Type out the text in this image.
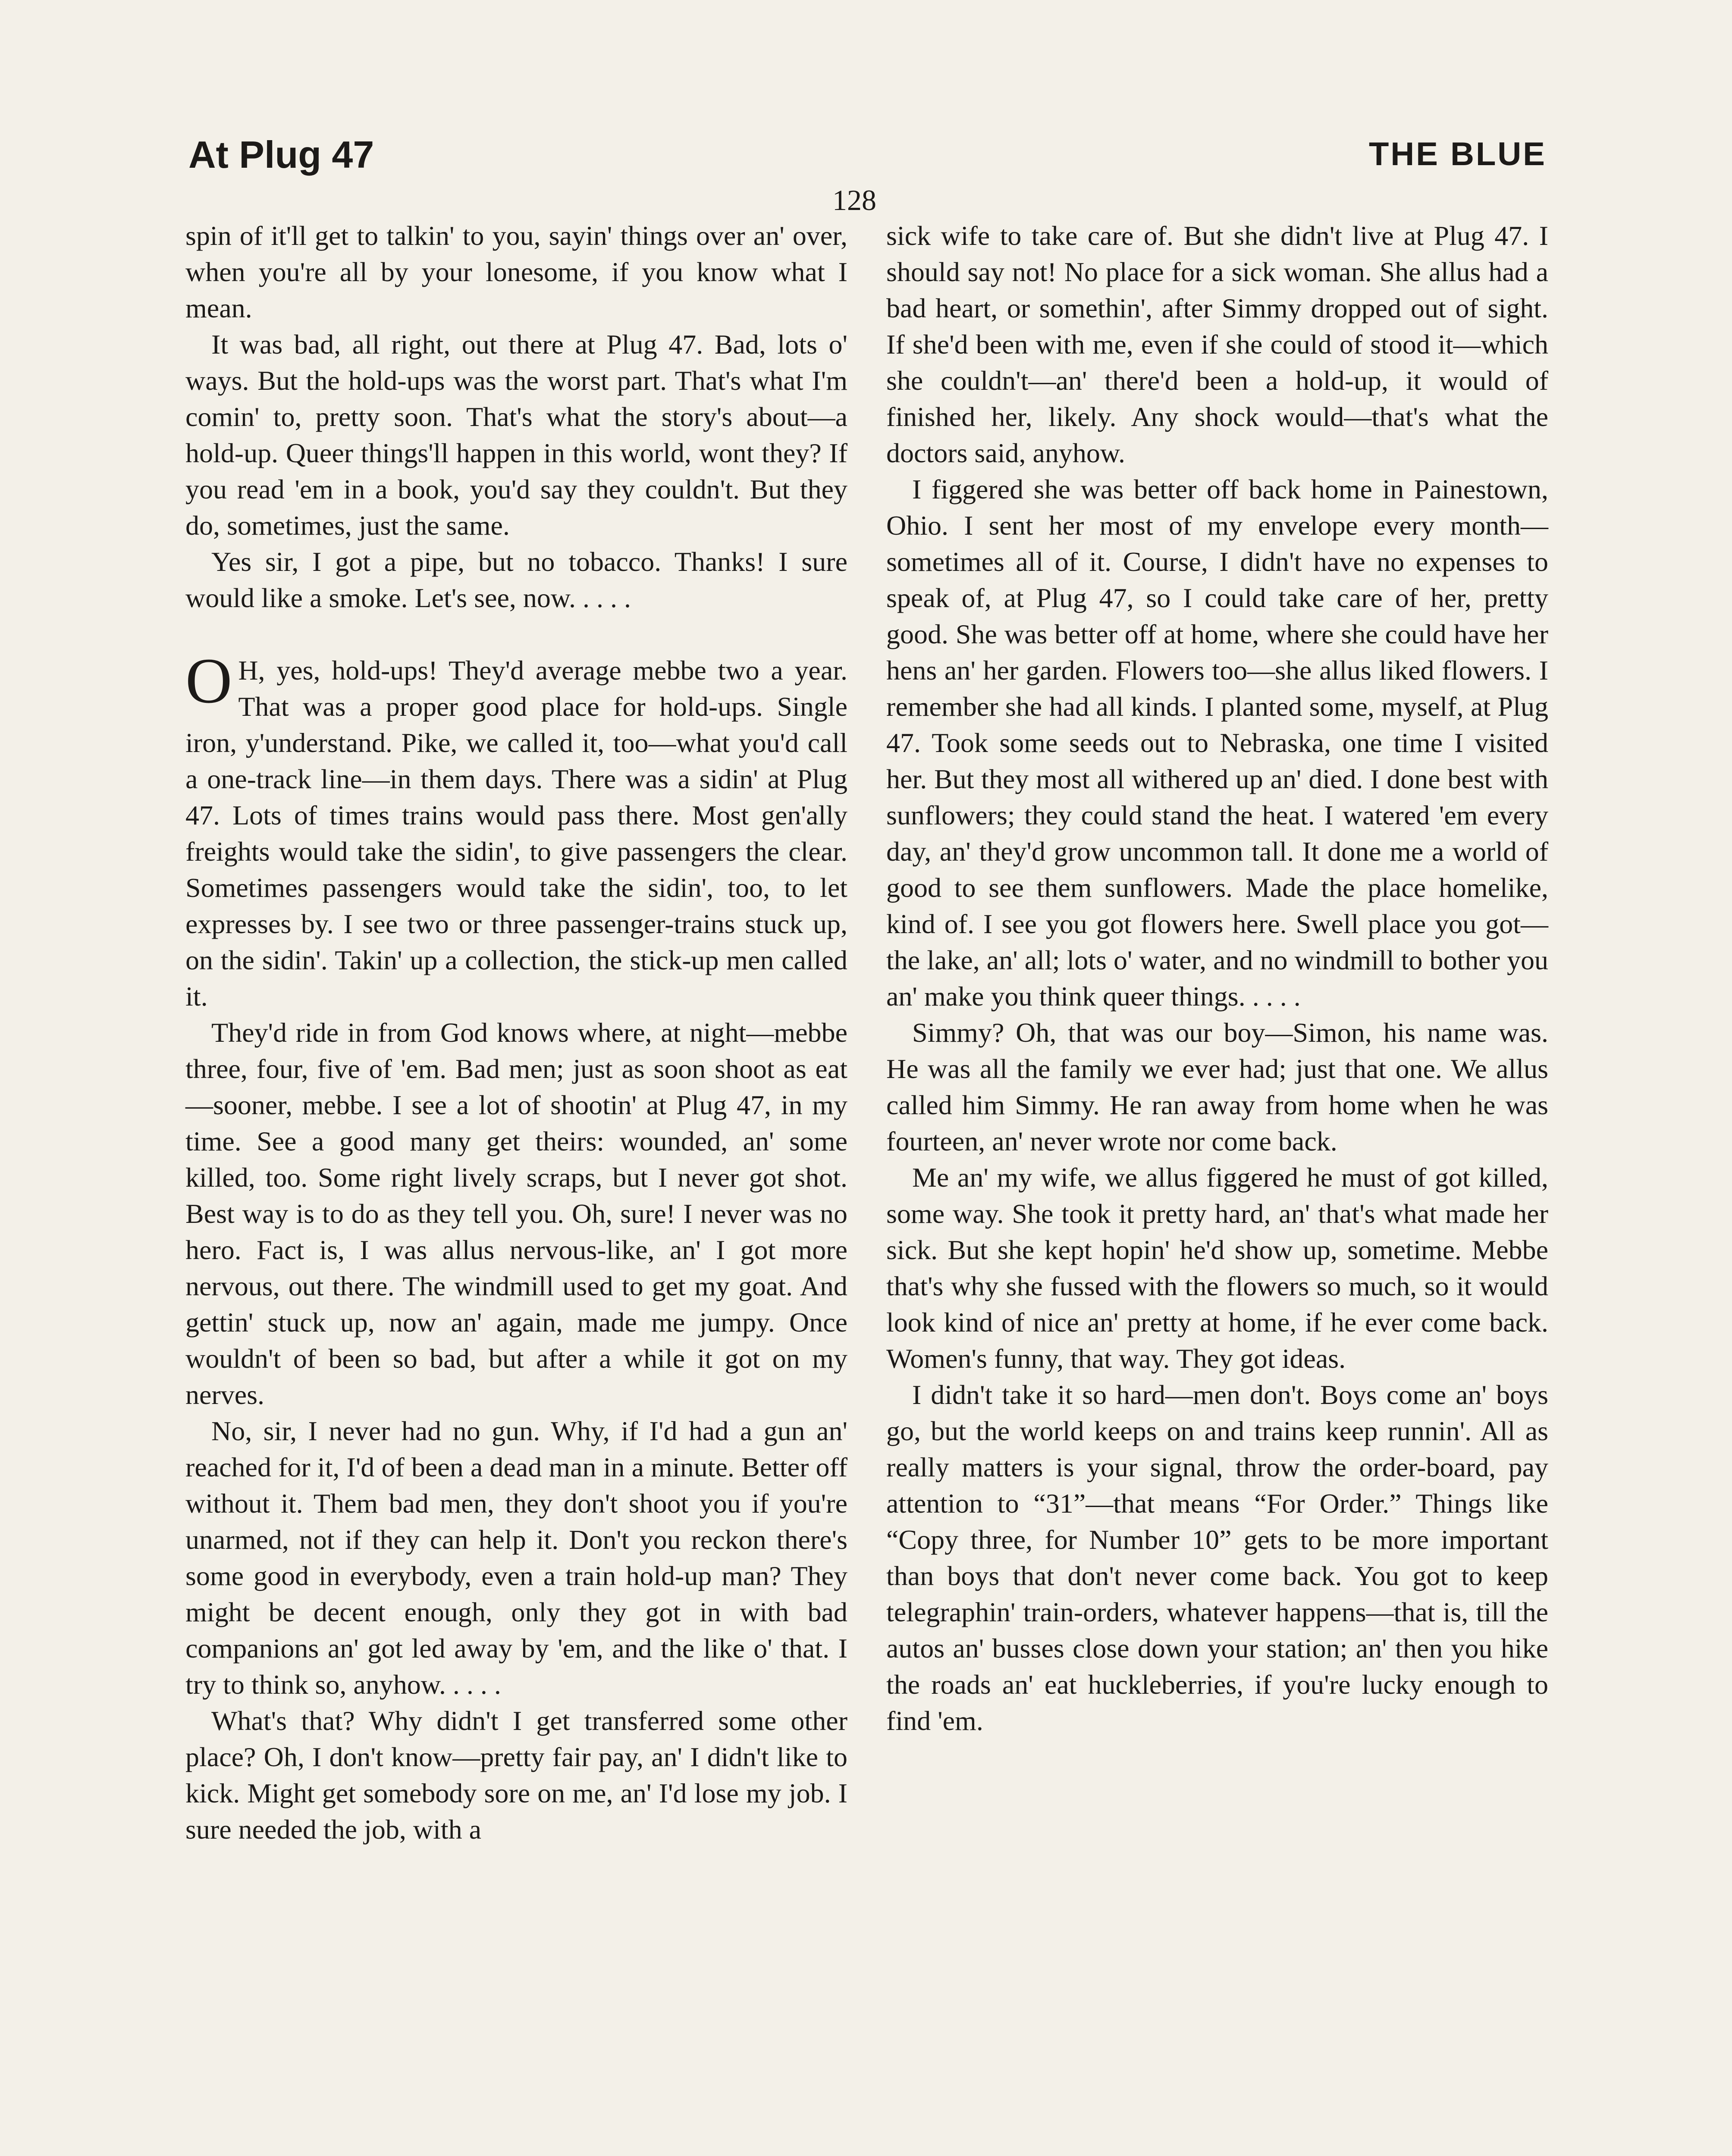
At Plug 47
128
THE BLUE

spin of it'll get to talkin' to you, sayin' things over an' over, when you're all by your lonesome, if you know what I mean.

It was bad, all right, out there at Plug 47. Bad, lots o' ways. But the hold-ups was the worst part. That's what I'm comin' to, pretty soon. That's what the story's about—a hold-up. Queer things'll happen in this world, wont they? If you read 'em in a book, you'd say they couldn't. But they do, sometimes, just the same.

Yes sir, I got a pipe, but no tobacco. Thanks! I sure would like a smoke. Let's see, now. . . . .

O H, yes, hold-ups! They'd average mebbe two a year. That was a proper good place for hold-ups. Single iron, y'understand. Pike, we called it, too—what you'd call a one-track line—in them days. There was a sidin' at Plug 47. Lots of times trains would pass there. Most gen'ally freights would take the sidin', to give passengers the clear. Sometimes passengers would take the sidin', too, to let expresses by. I see two or three passenger-trains stuck up, on the sidin'. Takin' up a collection, the stick-up men called it.

They'd ride in from God knows where, at night—mebbe three, four, five of 'em. Bad men; just as soon shoot as eat—sooner, mebbe. I see a lot of shootin' at Plug 47, in my time. See a good many get theirs: wounded, an' some killed, too. Some right lively scraps, but I never got shot. Best way is to do as they tell you. Oh, sure! I never was no hero. Fact is, I was allus nervous-like, an' I got more nervous, out there. The windmill used to get my goat. And gettin' stuck up, now an' again, made me jumpy. Once wouldn't of been so bad, but after a while it got on my nerves.

No, sir, I never had no gun. Why, if I'd had a gun an' reached for it, I'd of been a dead man in a minute. Better off without it. Them bad men, they don't shoot you if you're unarmed, not if they can help it. Don't you reckon there's some good in everybody, even a train hold-up man? They might be decent enough, only they got in with bad companions an' got led away by 'em, and the like o' that. I try to think so, anyhow. . . . .

What's that? Why didn't I get transferred some other place? Oh, I don't know—pretty fair pay, an' I didn't like to kick. Might get somebody sore on me, an' I'd lose my job. I sure needed the job, with a

sick wife to take care of. But she didn't live at Plug 47. I should say not! No place for a sick woman. She allus had a bad heart, or somethin', after Simmy dropped out of sight. If she'd been with me, even if she could of stood it—which she couldn't—an' there'd been a hold-up, it would of finished her, likely. Any shock would—that's what the doctors said, anyhow.

I figgered she was better off back home in Painestown, Ohio. I sent her most of my envelope every month—sometimes all of it. Course, I didn't have no expenses to speak of, at Plug 47, so I could take care of her, pretty good. She was better off at home, where she could have her hens an' her garden. Flowers too—she allus liked flowers. I remember she had all kinds. I planted some, myself, at Plug 47. Took some seeds out to Nebraska, one time I visited her. But they most all withered up an' died. I done best with sunflowers; they could stand the heat. I watered 'em every day, an' they'd grow uncommon tall. It done me a world of good to see them sunflowers. Made the place homelike, kind of. I see you got flowers here. Swell place you got—the lake, an' all; lots o' water, and no windmill to bother you an' make you think queer things. . . . .

Simmy? Oh, that was our boy—Simon, his name was. He was all the family we ever had; just that one. We allus called him Simmy. He ran away from home when he was fourteen, an' never wrote nor come back.

Me an' my wife, we allus figgered he must of got killed, some way. She took it pretty hard, an' that's what made her sick. But she kept hopin' he'd show up, sometime. Mebbe that's why she fussed with the flowers so much, so it would look kind of nice an' pretty at home, if he ever come back. Women's funny, that way. They got ideas.

I didn't take it so hard—men don't. Boys come an' boys go, but the world keeps on and trains keep runnin'. All as really matters is your signal, throw the order-board, pay attention to “31”—that means “For Order.” Things like “Copy three, for Number 10” gets to be more important than boys that don't never come back. You got to keep telegraphin' train-orders, whatever happens—that is, till the autos an' busses close down your station; an' then you hike the roads an' eat huckleberries, if you're lucky enough to find 'em.
